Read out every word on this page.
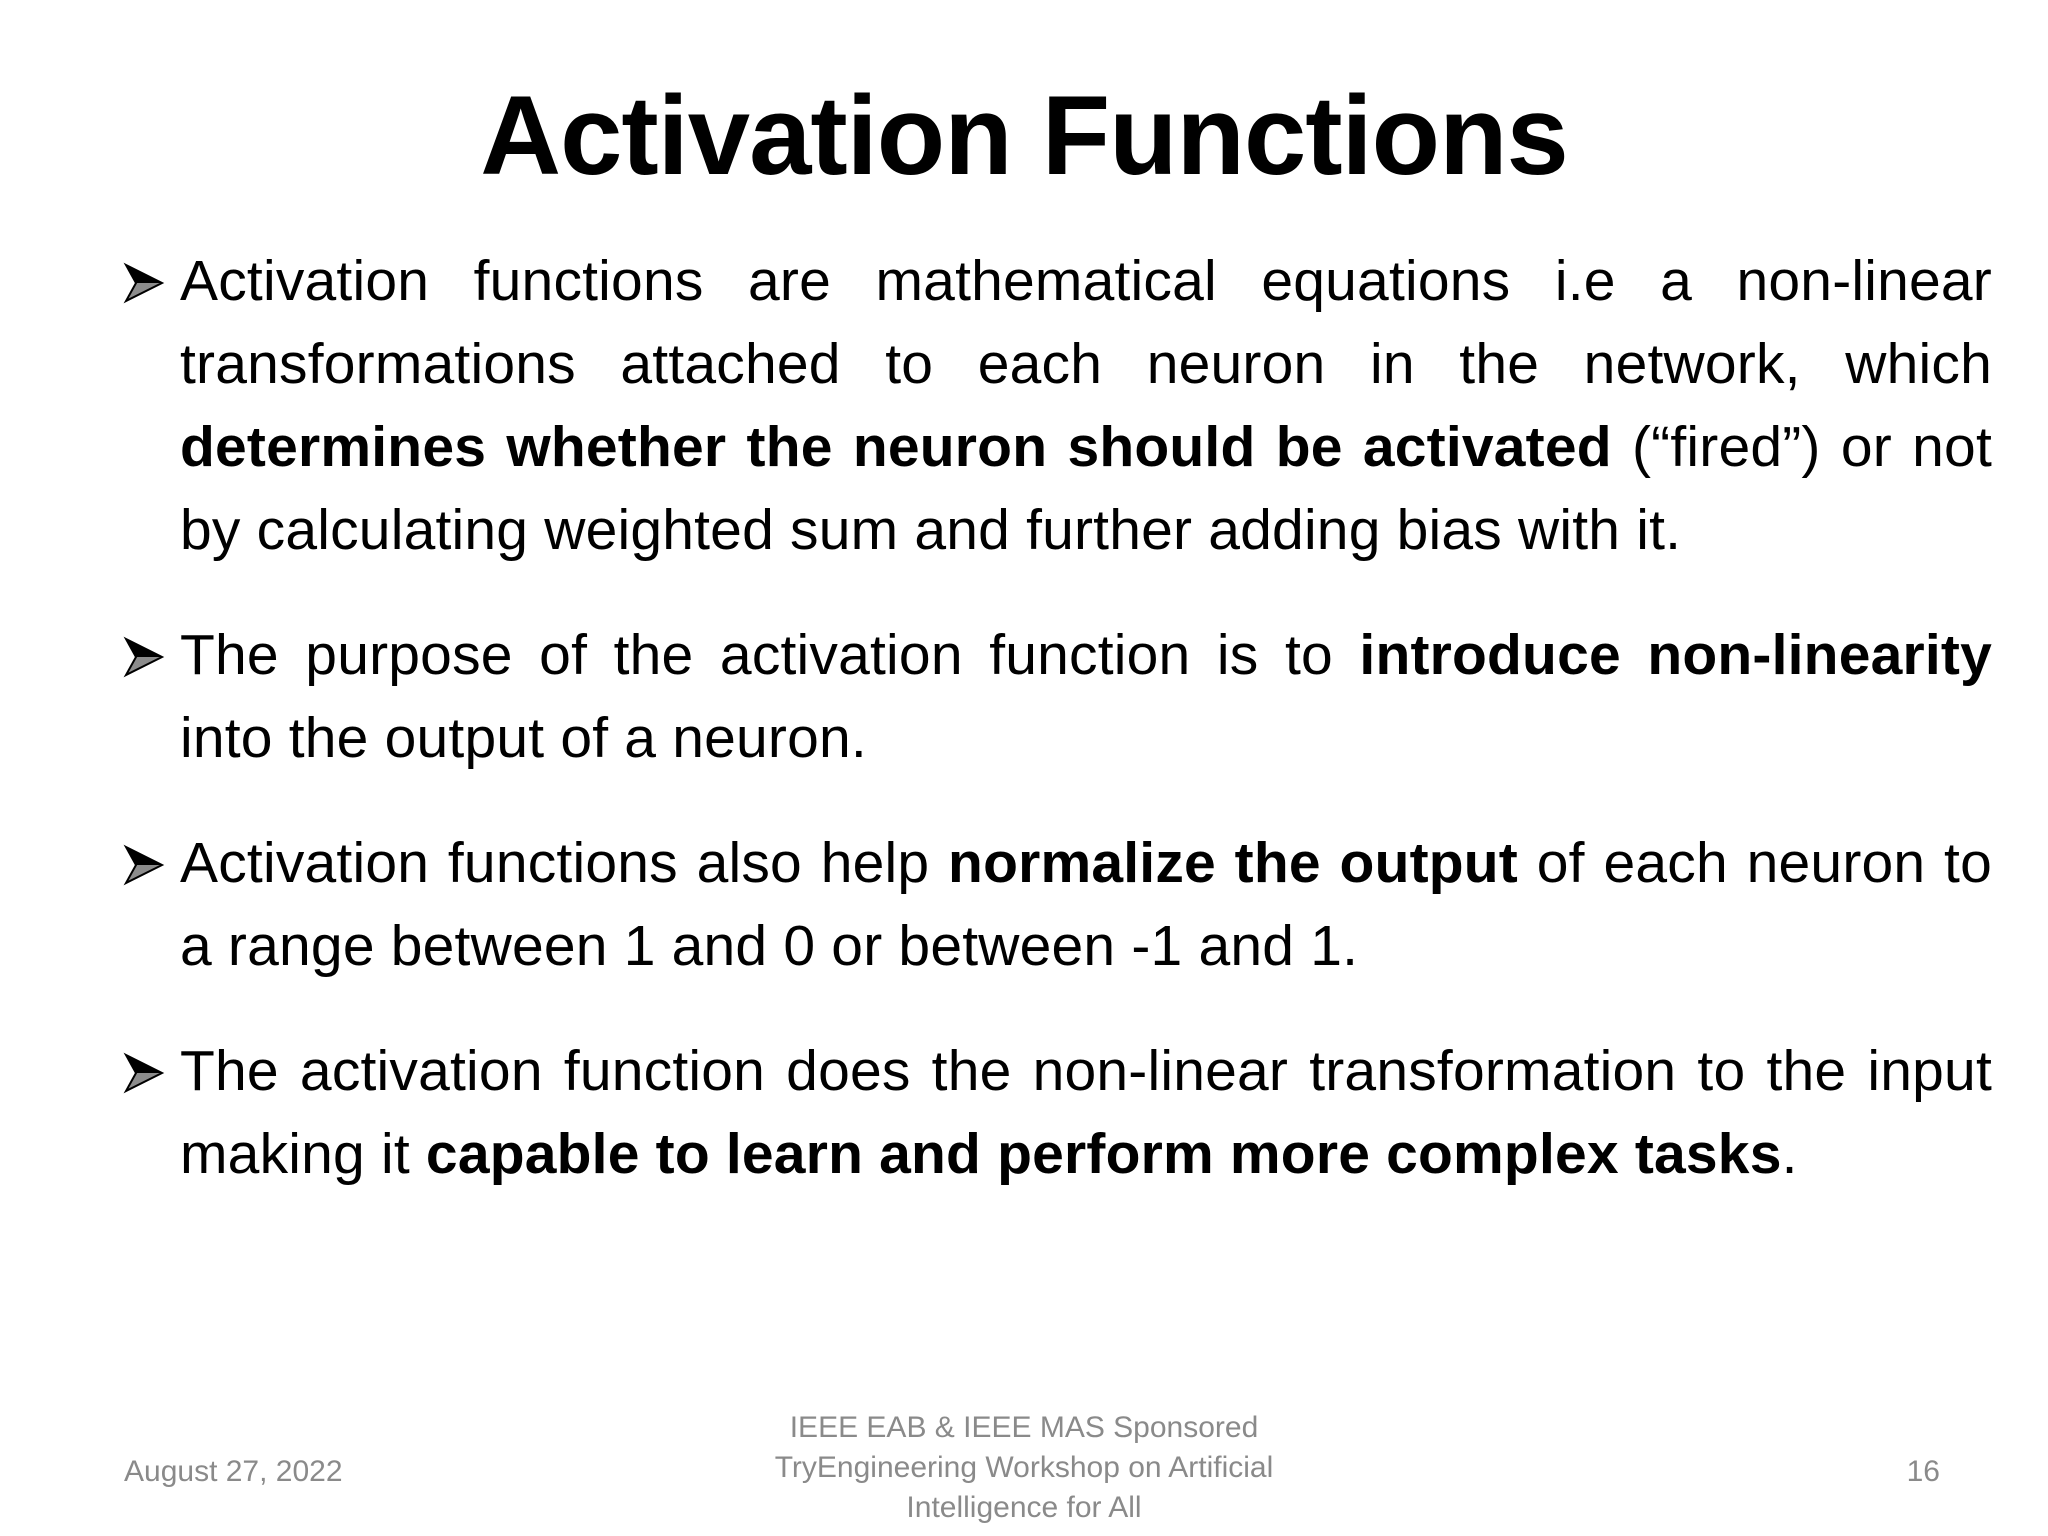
Activation Functions
Activation functions are mathematical equations i.e a non-linear transformations attached to each neuron in the network, which determines whether the neuron should be activated (“fired”) or not by calculating weighted sum and further adding bias with it.
The purpose of the activation function is to introduce non-linearity into the output of a neuron.
Activation functions also help normalize the output of each neuron to a range between 1 and 0 or between -1 and 1.
The activation function does the non-linear transformation to the input making it capable to learn and perform more complex tasks.
August 27, 2022
IEEE EAB & IEEE MAS Sponsored
TryEngineering Workshop on Artificial
Intelligence for All
16
